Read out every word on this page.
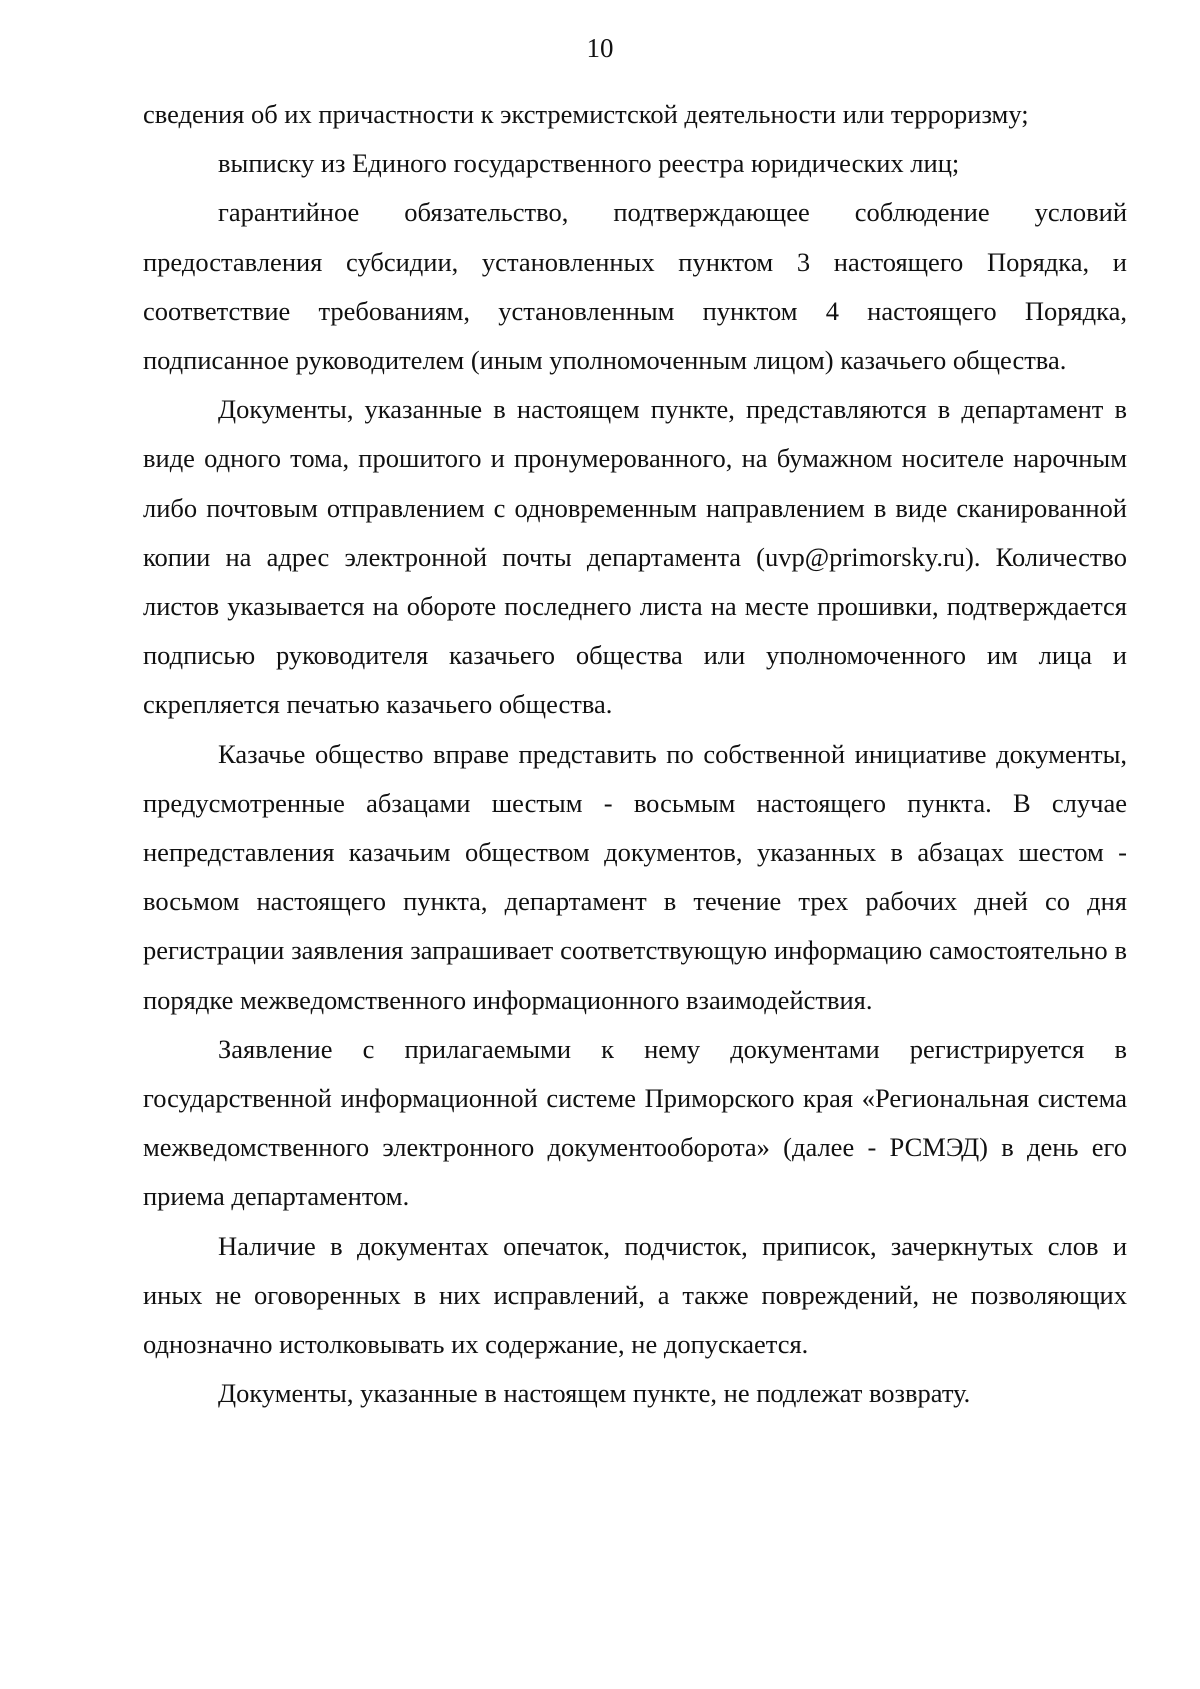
10

сведения об их причастности к экстремистской деятельности или терроризму;

выписку из Единого государственного реестра юридических лиц;

гарантийное обязательство, подтверждающее соблюдение условий предоставления субсидии, установленных пунктом 3 настоящего Порядка, и соответствие требованиям, установленным пунктом 4 настоящего Порядка, подписанное руководителем (иным уполномоченным лицом) казачьего общества.

Документы, указанные в настоящем пункте, представляются в департамент в виде одного тома, прошитого и пронумерованного, на бумажном носителе нарочным либо почтовым отправлением с одновременным направлением в виде сканированной копии на адрес электронной почты департамента (uvp@primorsky.ru). Количество листов указывается на обороте последнего листа на месте прошивки, подтверждается подписью руководителя казачьего общества или уполномоченного им лица и скрепляется печатью казачьего общества.

Казачье общество вправе представить по собственной инициативе документы, предусмотренные абзацами шестым - восьмым настоящего пункта. В случае непредставления казачьим обществом документов, указанных в абзацах шестом - восьмом настоящего пункта, департамент в течение трех рабочих дней со дня регистрации заявления запрашивает соответствующую информацию самостоятельно в порядке межведомственного информационного взаимодействия.

Заявление с прилагаемыми к нему документами регистрируется в государственной информационной системе Приморского края «Региональная система межведомственного электронного документооборота» (далее - РСМЭД) в день его приема департаментом.

Наличие в документах опечаток, подчисток, приписок, зачеркнутых слов и иных не оговоренных в них исправлений, а также повреждений, не позволяющих однозначно истолковывать их содержание, не допускается.

Документы, указанные в настоящем пункте, не подлежат возврату.
